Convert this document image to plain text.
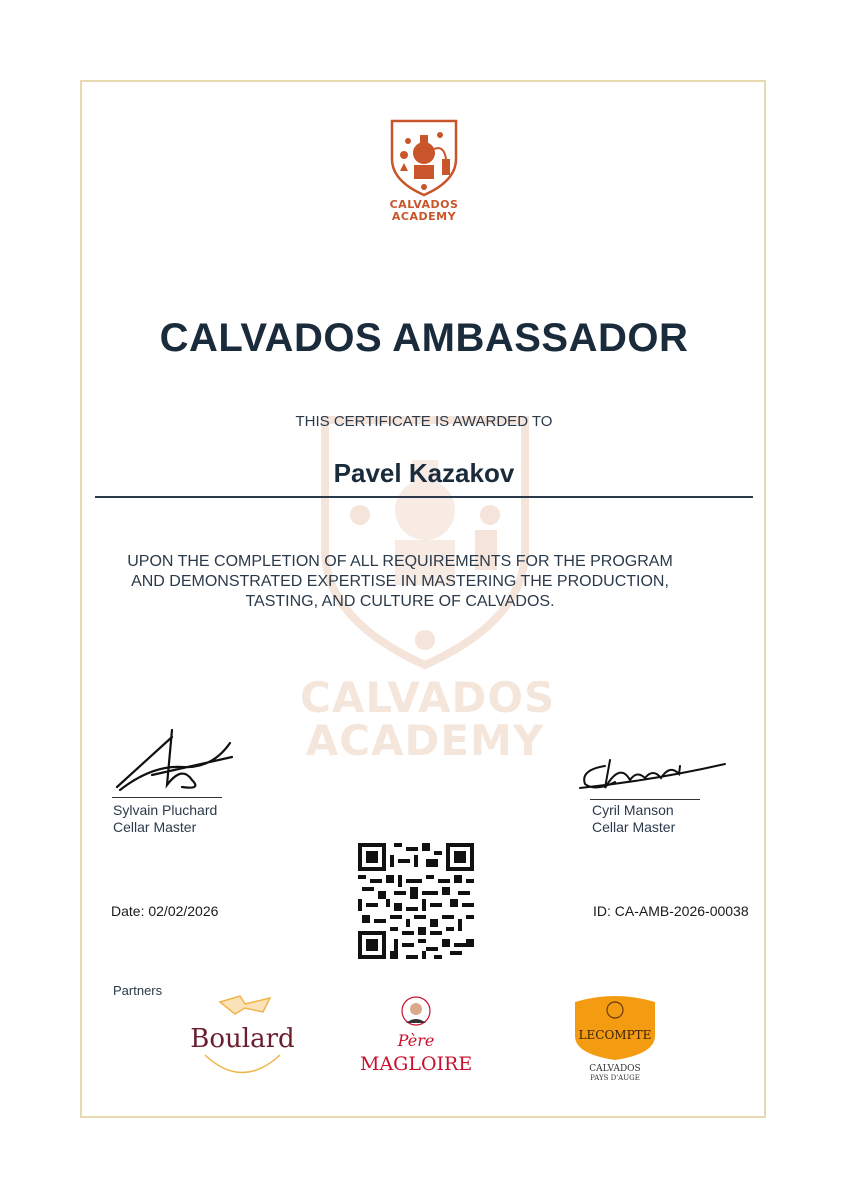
CALVADOS
ACADEMY
CALVADOS
ACADEMY
CALVADOS AMBASSADOR
THIS CERTIFICATE IS AWARDED TO
Pavel Kazakov
UPON THE COMPLETION OF ALL REQUIREMENTS FOR THE PROGRAM
AND DEMONSTRATED EXPERTISE IN MASTERING THE PRODUCTION,
TASTING, AND CULTURE OF CALVADOS.
Sylvain Pluchard
Cellar Master
Cyril Manson
Cellar Master
Date: 02/02/2026	ID: CA-AMB-2026-00038
Partners
Boulard	Père
MAGLOIRE
LECOMPTE
CALVADOS
PAYS D'AUGE
